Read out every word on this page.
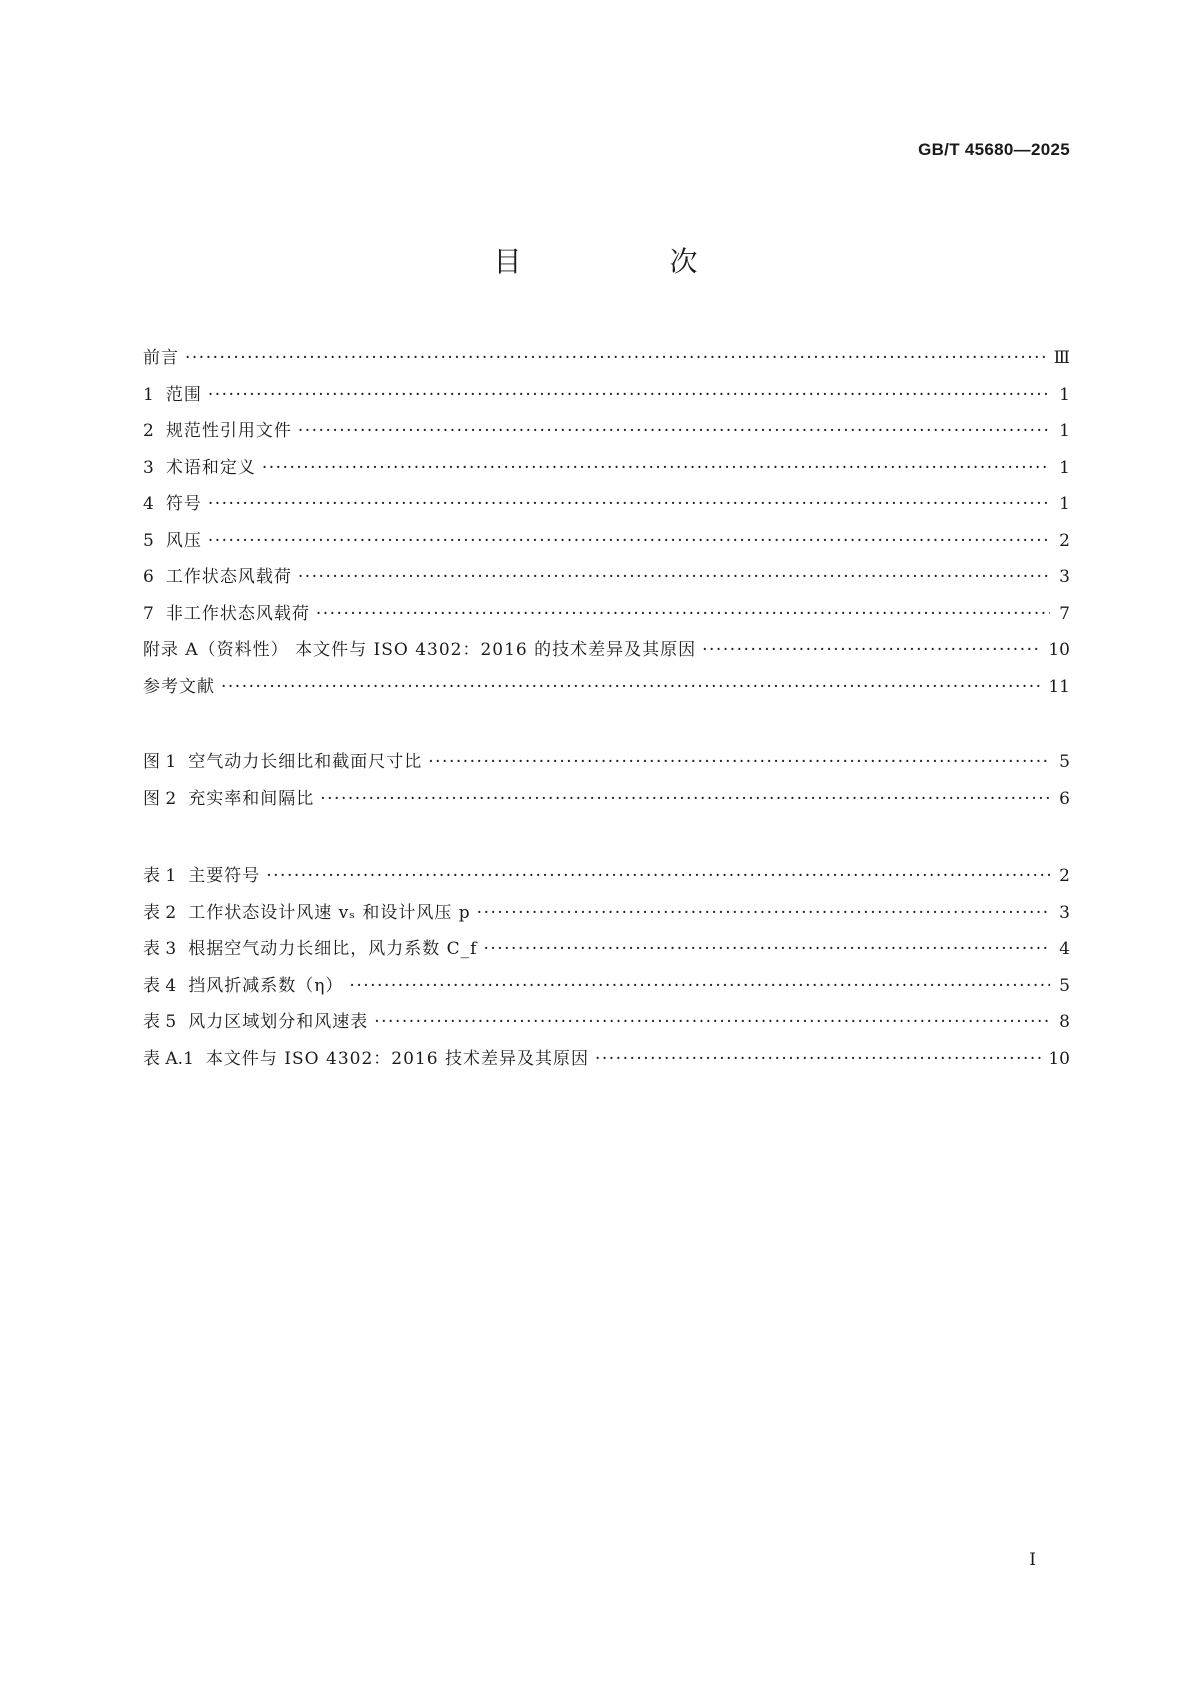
GB/T 45680—2025
目　次
前言 ·····	Ⅲ
1 范围 ·····	1
2 规范性引用文件 ·····	1
3 术语和定义 ·····	1
4 符号 ·····	1
5 风压 ·····	2
6 工作状态风载荷 ·····	3
7 非工作状态风载荷 ·····	7
附录 A（资料性） 本文件与 ISO 4302：2016 的技术差异及其原因 ·····	10
参考文献 ·····	11
图 1 空气动力长细比和截面尺寸比 ·····	5
图 2 充实率和间隔比 ·····	6
表 1 主要符号 ·····	2
表 2 工作状态设计风速 vₛ 和设计风压 p ·····	3
表 3 根据空气动力长细比，风力系数 C_f ·····	4
表 4 挡风折减系数（η） ·····	5
表 5 风力区域划分和风速表 ·····	8
表 A.1 本文件与 ISO 4302：2016 技术差异及其原因 ·····	10
Ⅰ
